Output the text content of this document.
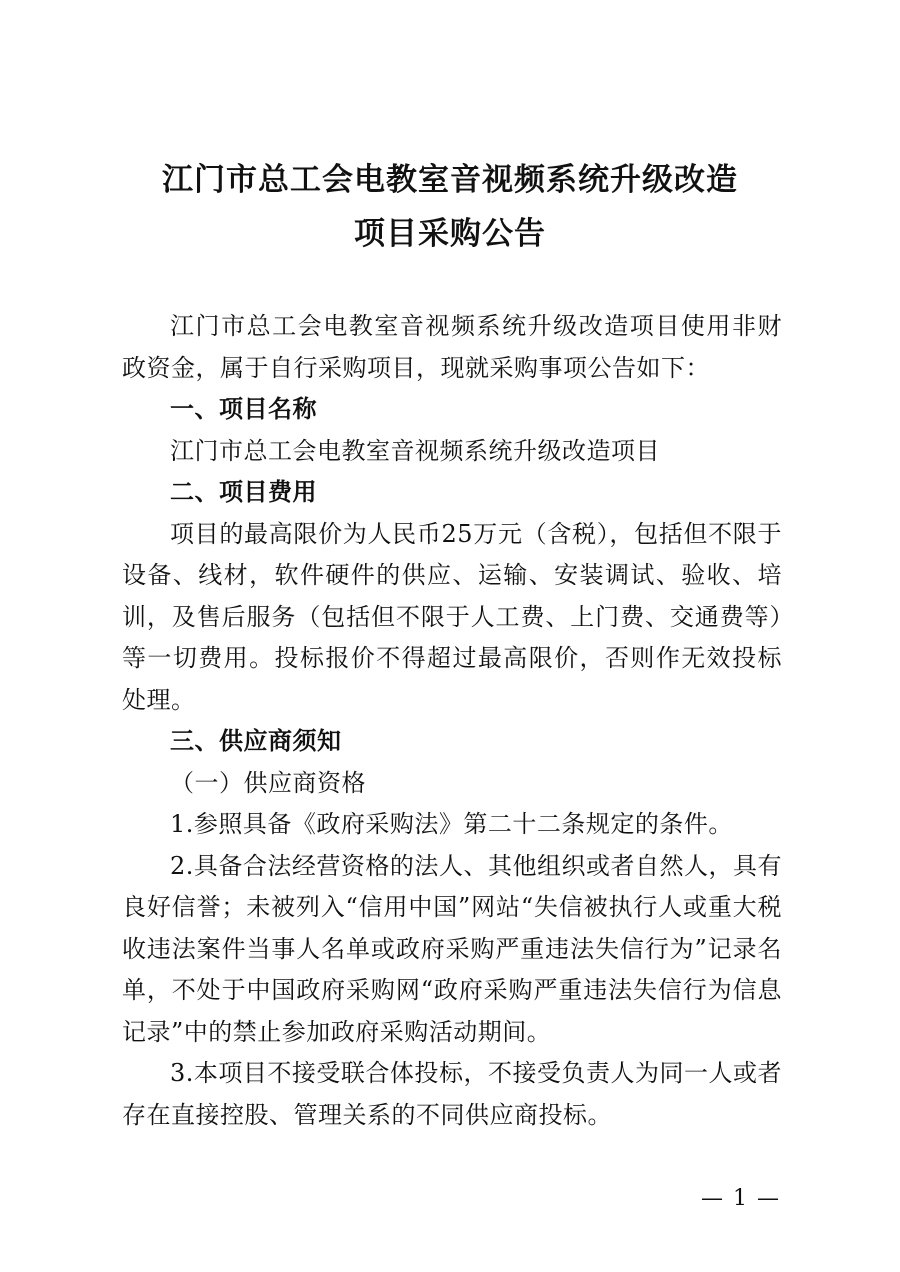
江门市总工会电教室音视频系统升级改造
项目采购公告

江门市总工会电教室音视频系统升级改造项目使用非财政资金，属于自行采购项目，现就采购事项公告如下：

一、项目名称

江门市总工会电教室音视频系统升级改造项目

二、项目费用

项目的最高限价为人民币25万元（含税），包括但不限于设备、线材，软件硬件的供应、运输、安装调试、验收、培训，及售后服务（包括但不限于人工费、上门费、交通费等）等一切费用。投标报价不得超过最高限价，否则作无效投标处理。

三、供应商须知

（一）供应商资格

1.参照具备《政府采购法》第二十二条规定的条件。

2.具备合法经营资格的法人、其他组织或者自然人，具有良好信誉；未被列入“信用中国”网站“失信被执行人或重大税收违法案件当事人名单或政府采购严重违法失信行为”记录名单，不处于中国政府采购网“政府采购严重违法失信行为信息记录”中的禁止参加政府采购活动期间。

3.本项目不接受联合体投标，不接受负责人为同一人或者存在直接控股、管理关系的不同供应商投标。

— 1 —
